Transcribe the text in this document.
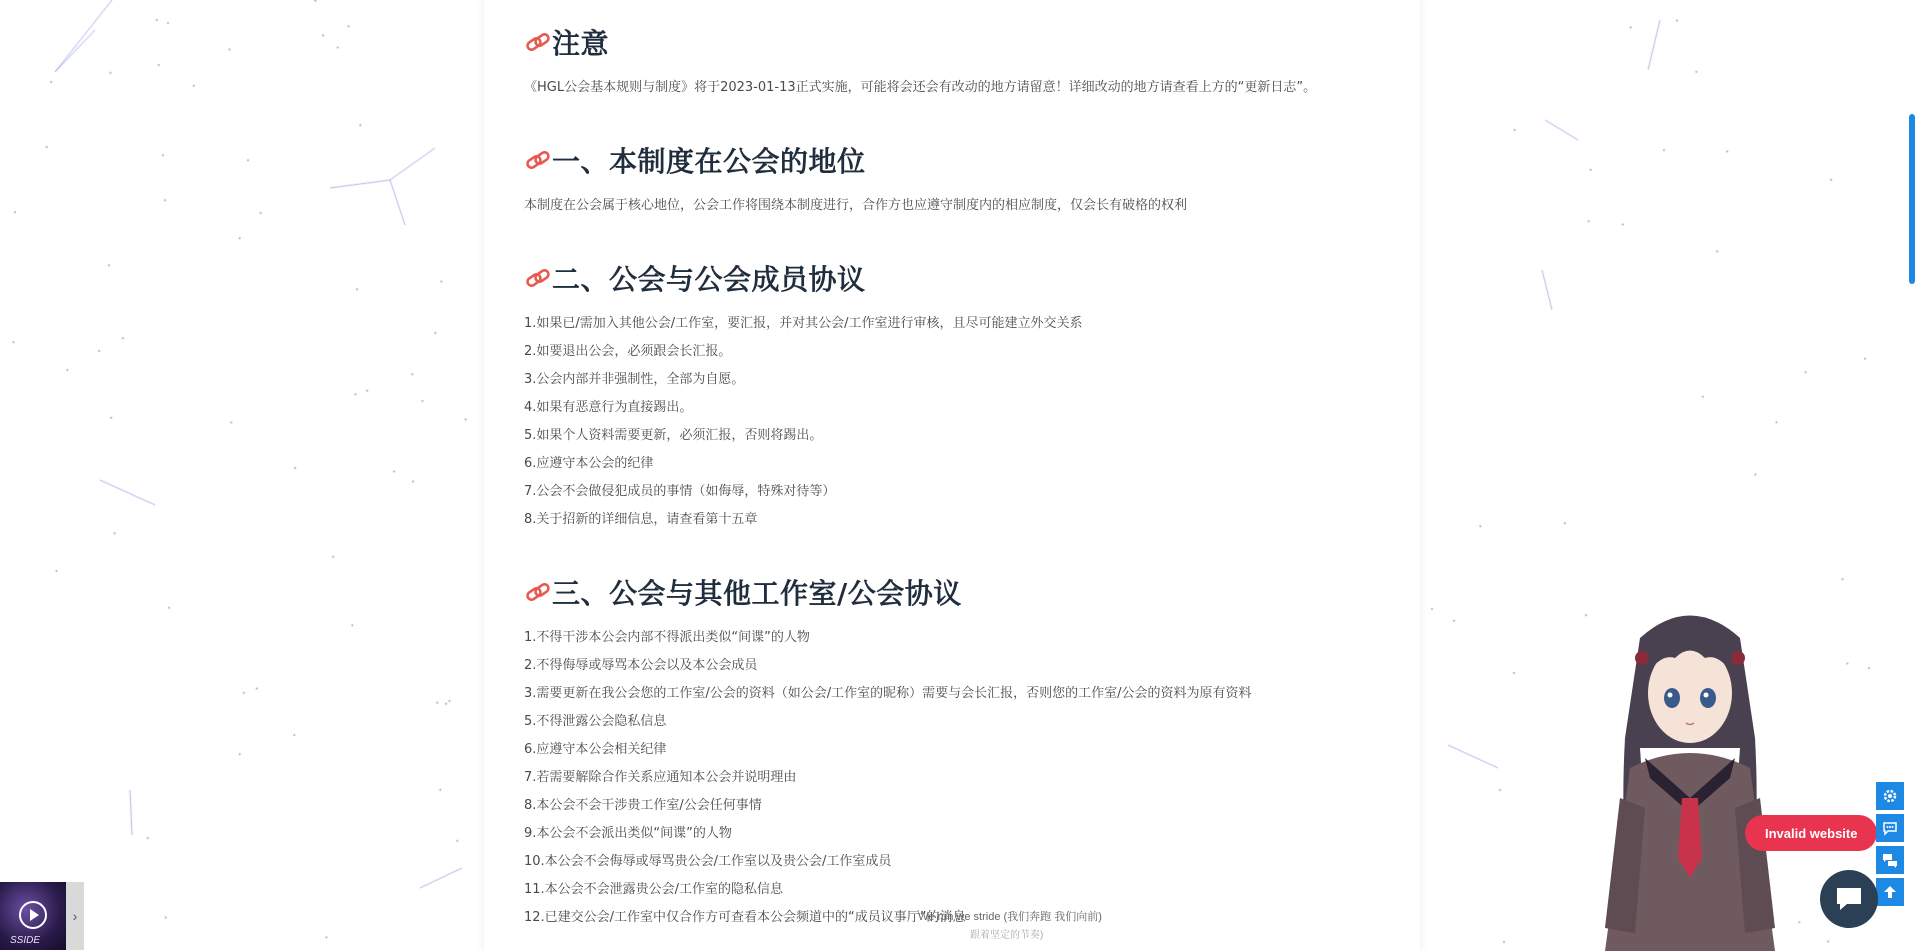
注意

《HGL公会基本规则与制度》将于2023-01-13正式实施，可能将会还会有改动的地方请留意！详细改动的地方请查看上方的“更新日志”。

一、本制度在公会的地位

本制度在公会属于核心地位，公会工作将围绕本制度进行，合作方也应遵守制度内的相应制度，仅会长有破格的权利

二、公会与公会成员协议

1.如果已/需加入其他公会/工作室，要汇报，并对其公会/工作室进行审核，且尽可能建立外交关系

2.如要退出公会，必须跟会长汇报。

3.公会内部并非强制性，全部为自愿。

4.如果有恶意行为直接踢出。

5.如果个人资料需要更新，必须汇报，否则将踢出。

6.应遵守本公会的纪律

7.公会不会做侵犯成员的事情（如侮辱，特殊对待等）

8.关于招新的详细信息，请查看第十五章

三、公会与其他工作室/公会协议

1.不得干涉本公会内部不得派出类似“间谍”的人物

2.不得侮辱或辱骂本公会以及本公会成员

3.需要更新在我公会您的工作室/公会的资料（如公会/工作室的昵称）需要与会长汇报，否则您的工作室/公会的资料为原有资料

5.不得泄露公会隐私信息

6.应遵守本公会相关纪律

7.若需要解除合作关系应通知本公会并说明理由

8.本公会不会干涉贵工作室/公会任何事情

9.本公会不会派出类似“间谍”的人物

10.本公会不会侮辱或辱骂贵公会/工作室以及贵公会/工作室成员

11.本公会不会泄露贵公会/工作室的隐私信息

12.已建交公会/工作室中仅合作方可查看本公会频道中的“成员议事厅”的消息

Invalid website
SSIDE
›	We run we stride (我们奔跑 我们向前)
跟着坚定的节奏)
